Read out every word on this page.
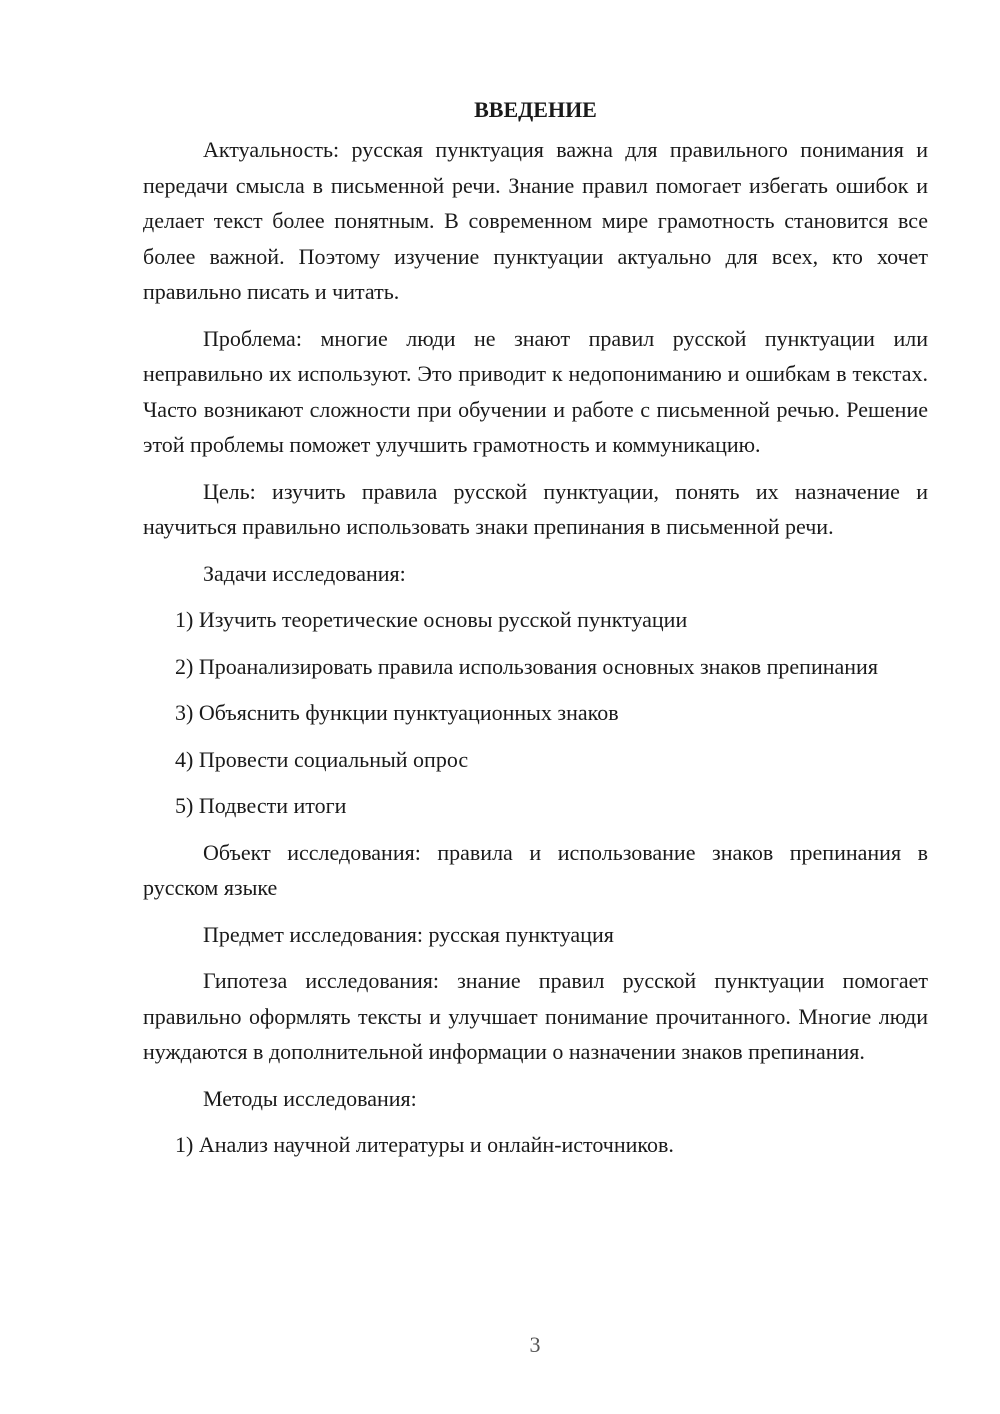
ВВЕДЕНИЕ

Актуальность: русская пунктуация важна для правильного понимания и передачи смысла в письменной речи. Знание правил помогает избегать ошибок и делает текст более понятным. В современном мире грамотность становится все более важной. Поэтому изучение пунктуации актуально для всех, кто хочет правильно писать и читать.

Проблема: многие люди не знают правил русской пунктуации или неправильно их используют. Это приводит к недопониманию и ошибкам в текстах. Часто возникают сложности при обучении и работе с письменной речью. Решение этой проблемы поможет улучшить грамотность и коммуникацию.

Цель: изучить правила русской пунктуации, понять их назначение и научиться правильно использовать знаки препинания в письменной речи.

Задачи исследования:

1) Изучить теоретические основы русской пунктуации

2) Проанализировать правила использования основных знаков препинания

3) Объяснить функции пунктуационных знаков

4) Провести социальный опрос

5) Подвести итоги

Объект исследования: правила и использование знаков препинания в русском языке

Предмет исследования: русская пунктуация

Гипотеза исследования: знание правил русской пунктуации помогает правильно оформлять тексты и улучшает понимание прочитанного. Многие люди нуждаются в дополнительной информации о назначении знаков препинания.

Методы исследования:

1) Анализ научной литературы и онлайн-источников.

3
